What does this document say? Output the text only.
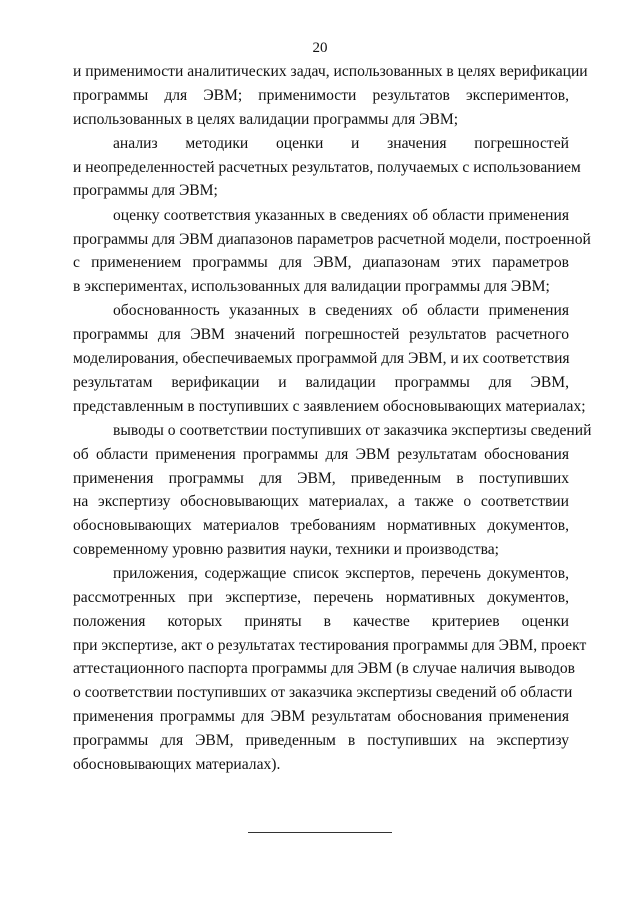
20
и применимости аналитических задач, использованных в целях верификации
программы для ЭВМ; применимости результатов экспериментов,
использованных в целях валидации программы для ЭВМ;
анализ методики оценки и значения погрешностей
и неопределенностей расчетных результатов, получаемых с использованием
программы для ЭВМ;
оценку соответствия указанных в сведениях об области применения
программы для ЭВМ диапазонов параметров расчетной модели, построенной
с применением программы для ЭВМ, диапазонам этих параметров
в экспериментах, использованных для валидации программы для ЭВМ;
обоснованность указанных в сведениях об области применения
программы для ЭВМ значений погрешностей результатов расчетного
моделирования, обеспечиваемых программой для ЭВМ, и их соответствия
результатам верификации и валидации программы для ЭВМ,
представленным в поступивших с заявлением обосновывающих материалах;
выводы о соответствии поступивших от заказчика экспертизы сведений
об области применения программы для ЭВМ результатам обоснования
применения программы для ЭВМ, приведенным в поступивших
на экспертизу обосновывающих материалах, а также о соответствии
обосновывающих материалов требованиям нормативных документов,
современному уровню развития науки, техники и производства;
приложения, содержащие список экспертов, перечень документов,
рассмотренных при экспертизе, перечень нормативных документов,
положения которых приняты в качестве критериев оценки
при экспертизе, акт о результатах тестирования программы для ЭВМ, проект
аттестационного паспорта программы для ЭВМ (в случае наличия выводов
о соответствии поступивших от заказчика экспертизы сведений об области
применения программы для ЭВМ результатам обоснования применения
программы для ЭВМ, приведенным в поступивших на экспертизу
обосновывающих материалах).
